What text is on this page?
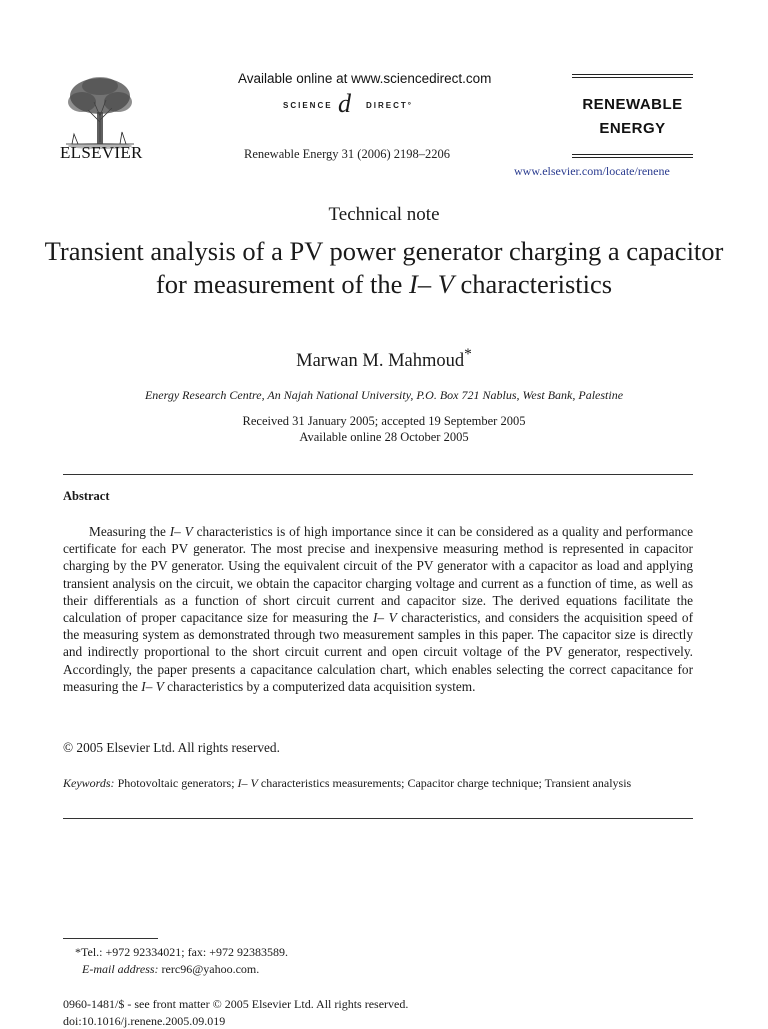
ELSEVIER
Available online at www.sciencedirect.com
SCIENCE d DIRECT°
Renewable Energy 31 (2006) 2198–2206
RENEWABLE
ENERGY
www.elsevier.com/locate/renene
Technical note
Transient analysis of a PV power generator charging a capacitor for measurement of the I– V characteristics
Marwan M. Mahmoud*
Energy Research Centre, An Najah National University, P.O. Box 721 Nablus, West Bank, Palestine
Received 31 January 2005; accepted 19 September 2005
Available online 28 October 2005
Abstract

Measuring the I– V characteristics is of high importance since it can be considered as a quality and performance certificate for each PV generator. The most precise and inexpensive measuring method is represented in capacitor charging by the PV generator. Using the equivalent circuit of the PV generator with a capacitor as load and applying transient analysis on the circuit, we obtain the capacitor charging voltage and current as a function of time, as well as their differentials as a function of short circuit current and capacitor size. The derived equations facilitate the calculation of proper capacitance size for measuring the I– V characteristics, and considers the acquisition speed of the measuring system as demonstrated through two measurement samples in this paper. The capacitor size is directly and indirectly proportional to the short circuit current and open circuit voltage of the PV generator, respectively. Accordingly, the paper presents a capacitance calculation chart, which enables selecting the correct capacitance for measuring the I– V characteristics by a computerized data acquisition system.

© 2005 Elsevier Ltd. All rights reserved.
Keywords: Photovoltaic generators; I– V characteristics measurements; Capacitor charge technique; Transient analysis
*Tel.: +972 92334021; fax: +972 92383589.
E-mail address: rerc96@yahoo.com.
0960-1481/$ - see front matter © 2005 Elsevier Ltd. All rights reserved.
doi:10.1016/j.renene.2005.09.019
